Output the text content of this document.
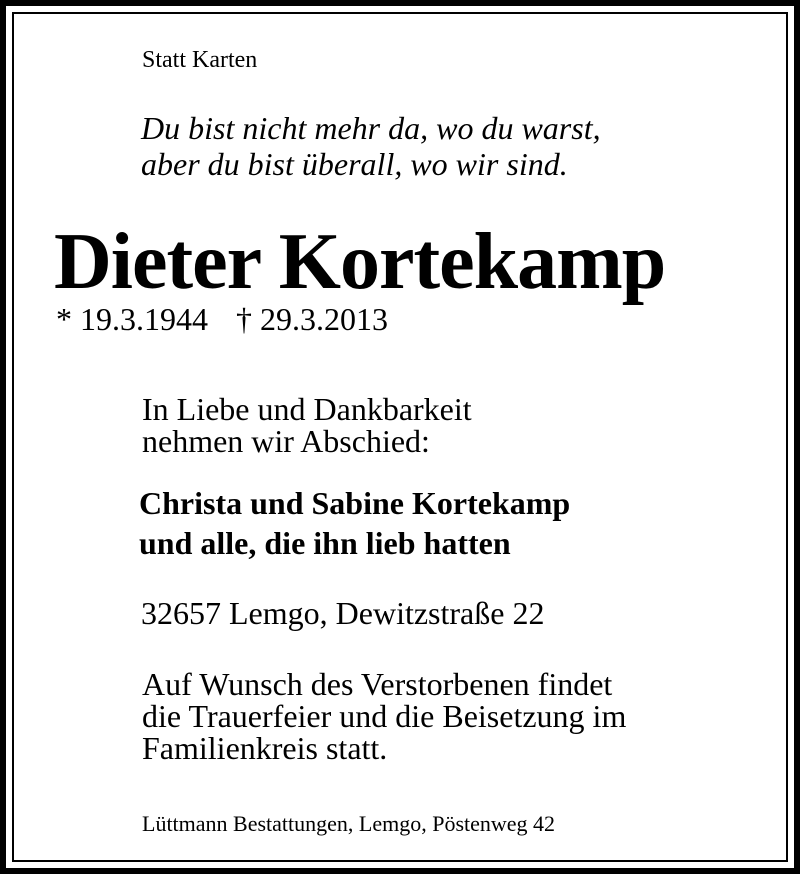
Statt Karten
Du bist nicht mehr da, wo du warst,
aber du bist überall, wo wir sind.
Dieter Kortekamp
* 19.3.1944 † 29.3.2013
In Liebe und Dankbarkeit
nehmen wir Abschied:
Christa und Sabine Kortekamp
und alle, die ihn lieb hatten
32657 Lemgo, Dewitzstraße 22
Auf Wunsch des Verstorbenen findet
die Trauerfeier und die Beisetzung im
Familienkreis statt.
Lüttmann Bestattungen, Lemgo, Pöstenweg 42
